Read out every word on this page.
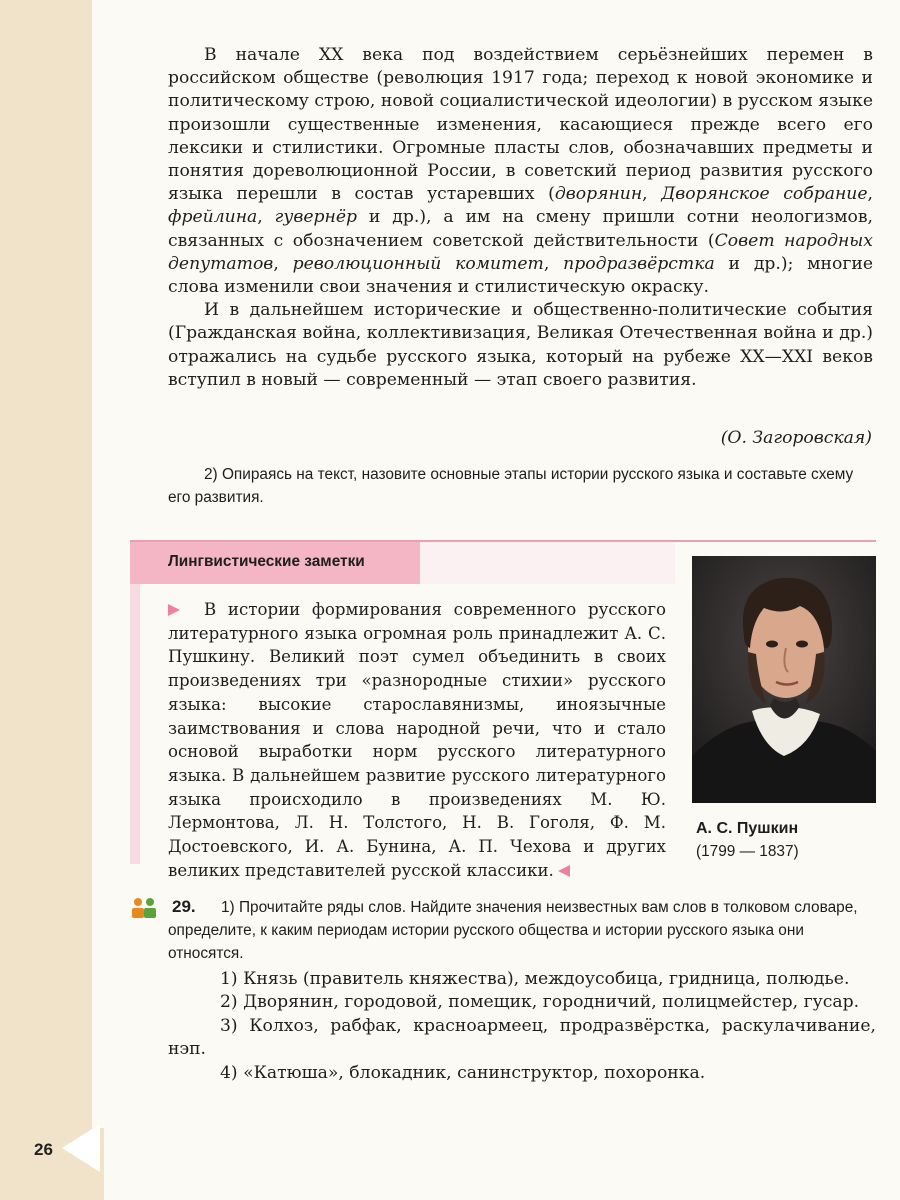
В начале XX века под воздействием серьёзнейших перемен в российском обществе (революция 1917 года; переход к новой экономике и политическому строю, новой социалистической идеологии) в русском языке произошли существенные изменения, касающиеся прежде всего его лексики и стилистики. Огромные пласты слов, обозначавших предметы и понятия дореволюционной России, в советский период развития русского языка перешли в состав устаревших (дворянин, Дворянское собрание, фрейлина, гувернёр и др.), а им на смену пришли сотни неологизмов, связанных с обозначением советской действительности (Совет народных депутатов, революционный комитет, продразвёрстка и др.); многие слова изменили свои значения и стилистическую окраску.

И в дальнейшем исторические и общественно-политические события (Гражданская война, коллективизация, Великая Отечественная война и др.) отражались на судьбе русского языка, который на рубеже XX—XXI веков вступил в новый — современный — этап своего развития.

(О. Загоровская)
2) Опираясь на текст, назовите основные этапы истории русского языка и составьте схему его развития.
Лингвистические заметки

В истории формирования современного русского литературного языка огромная роль принадлежит А. С. Пушкину. Великий поэт сумел объединить в своих произведениях три «разнородные стихии» русского языка: высокие старославянизмы, иноязычные заимствования и слова народной речи, что и стало основой выработки норм русского литературного языка. В дальнейшем развитие русского литературного языка происходило в произведениях М. Ю. Лермонтова, Л. Н. Толстого, Н. В. Гоголя, Ф. М. Достоевского, И. А. Бунина, А. П. Чехова и других великих представителей русской классики.

А. С. Пушкин
(1799 — 1837)
29.	1) Прочитайте ряды слов. Найдите значения неизвестных вам слов в толковом словаре, определите, к каким периодам истории русского общества и истории русского языка они относятся.

1) Князь (правитель княжества), междоусобица, гридница, полюдье.

2) Дворянин, городовой, помещик, городничий, полицмейстер, гусар.

3) Колхоз, рабфак, красноармеец, продразвёрстка, раскулачивание, нэп.

4) «Катюша», блокадник, санинструктор, похоронка.

26
